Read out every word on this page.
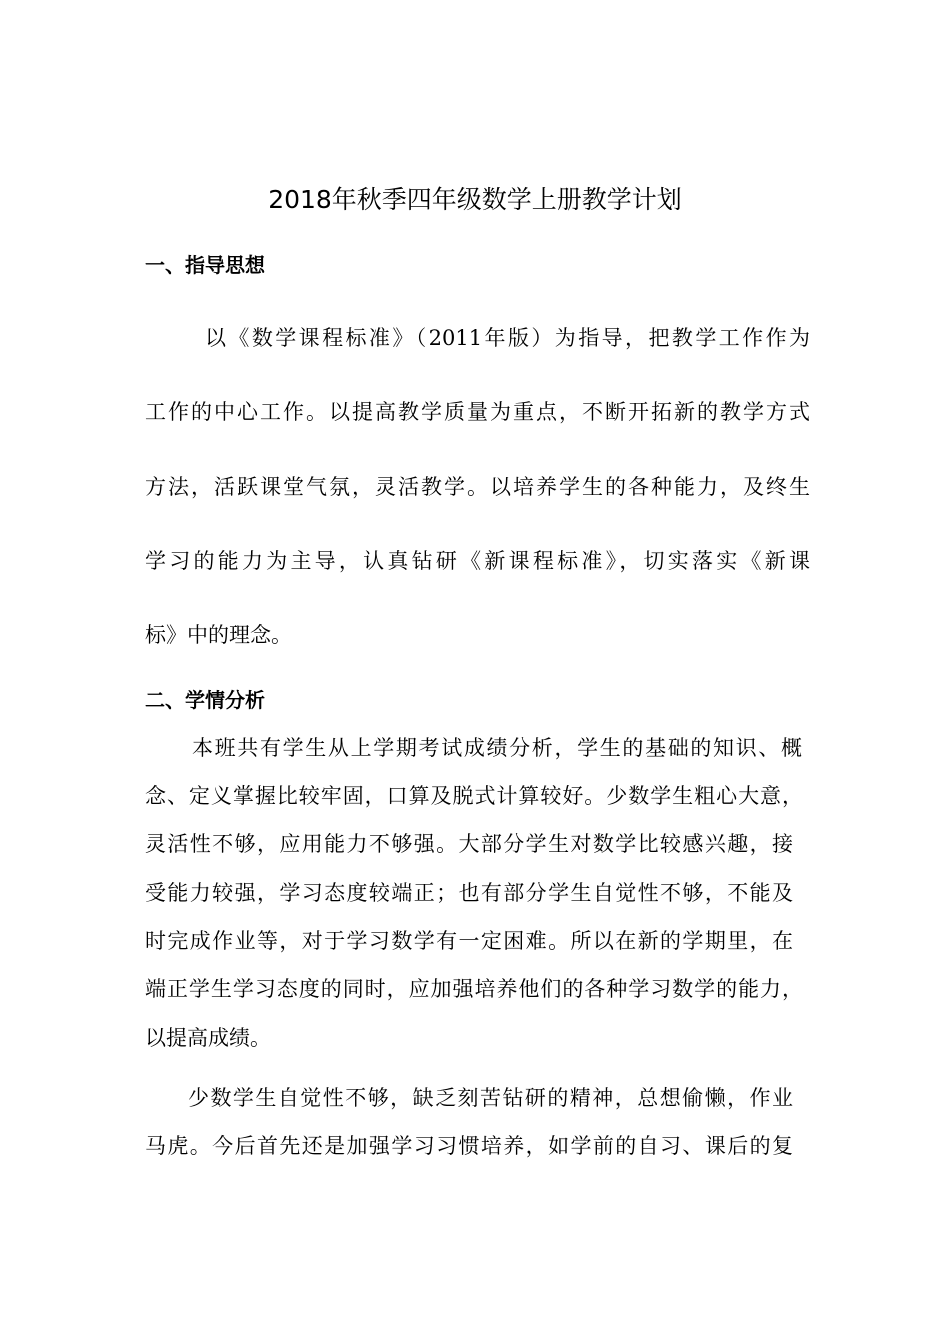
2018年秋季四年级数学上册教学计划
一、指导思想
以《数学课程标准》（2011年版）为指导，把教学工作作为
工作的中心工作。以提高教学质量为重点，不断开拓新的教学方式
方法，活跃课堂气氛，灵活教学。以培养学生的各种能力，及终生
学习的能力为主导，认真钻研《新课程标准》，切实落实《新课
标》中的理念。
二、学情分析
本班共有学生从上学期考试成绩分析，学生的基础的知识、概
念、定义掌握比较牢固，口算及脱式计算较好。少数学生粗心大意，
灵活性不够，应用能力不够强。大部分学生对数学比较感兴趣，接
受能力较强，学习态度较端正；也有部分学生自觉性不够，不能及
时完成作业等，对于学习数学有一定困难。所以在新的学期里，在
端正学生学习态度的同时，应加强培养他们的各种学习数学的能力，
以提高成绩。
少数学生自觉性不够，缺乏刻苦钻研的精神，总想偷懒，作业
马虎。今后首先还是加强学习习惯培养，如学前的自习、课后的复
